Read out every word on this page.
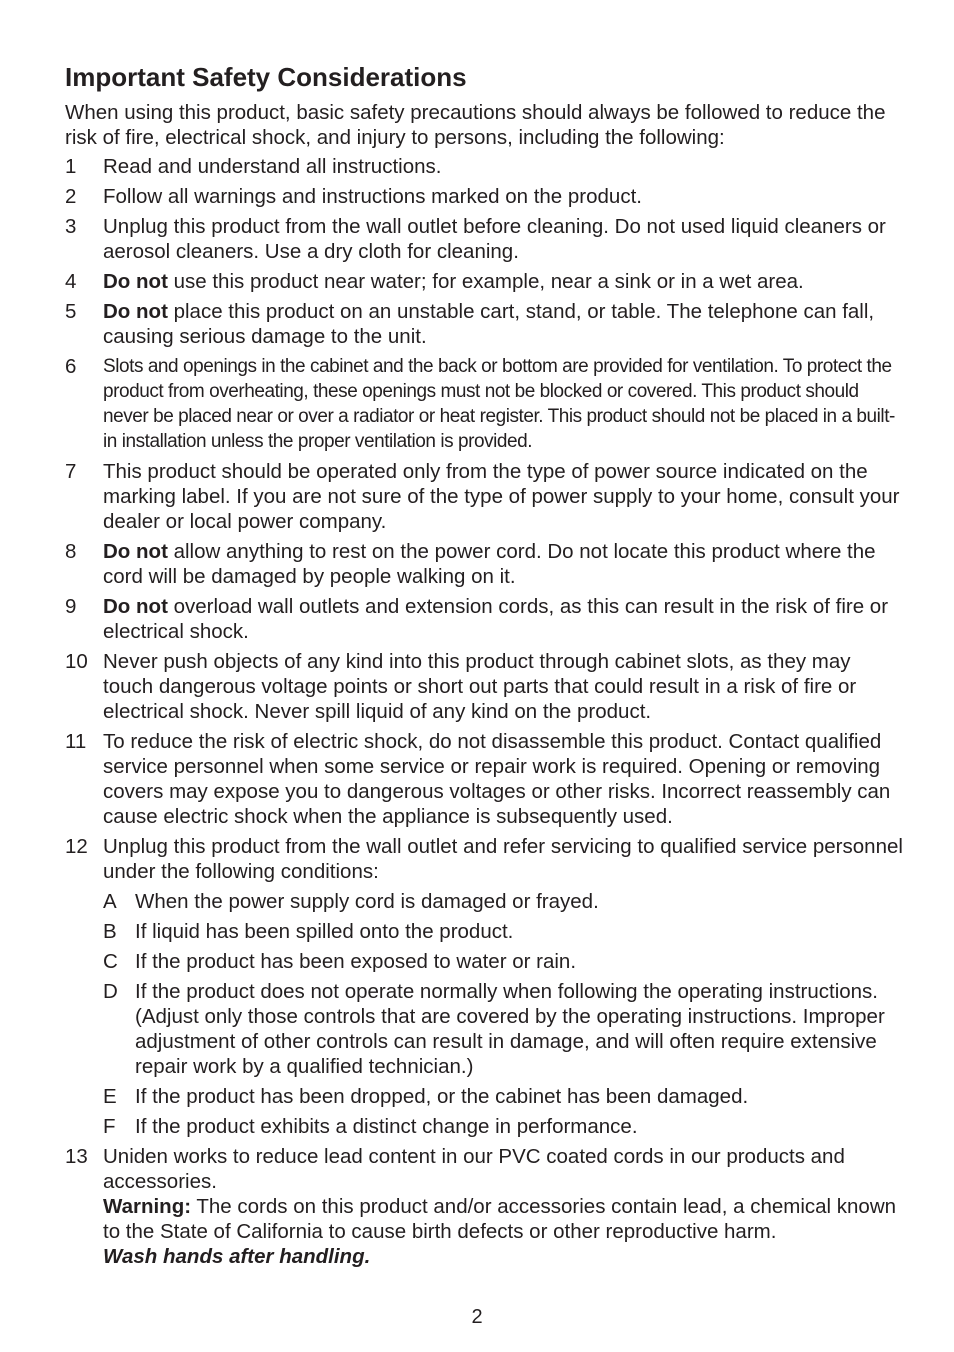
Important Safety Considerations

When using this product, basic safety precautions should always be followed to reduce the risk of fire, electrical shock, and injury to persons, including the following:

1	Read and understand all instructions.
2	Follow all warnings and instructions marked on the product.
3	Unplug this product from the wall outlet before cleaning. Do not used liquid cleaners or aerosol cleaners. Use a dry cloth for cleaning.
4	Do not use this product near water; for example, near a sink or in a wet area.
5	Do not place this product on an unstable cart, stand, or table. The telephone can fall, causing serious damage to the unit.
6	Slots and openings in the cabinet and the back or bottom are provided for ventilation. To protect the product from overheating, these openings must not be blocked or covered. This product should never be placed near or over a radiator or heat register. This product should not be placed in a built-in installation unless the proper ventilation is provided.
7	This product should be operated only from the type of power source indicated on the marking label. If you are not sure of the type of power supply to your home, consult your dealer or local power company.
8	Do not allow anything to rest on the power cord. Do not locate this product where the cord will be damaged by people walking on it.
9	Do not overload wall outlets and extension cords, as this can result in the risk of fire or electrical shock.
10 Never push objects of any kind into this product through cabinet slots, as they may touch dangerous voltage points or short out parts that could result in a risk of fire or electrical shock. Never spill liquid of any kind on the product.
11 To reduce the risk of electric shock, do not disassemble this product. Contact qualified service personnel when some service or repair work is required. Opening or removing covers may expose you to dangerous voltages or other risks. Incorrect reassembly can cause electric shock when the appliance is subsequently used.
12 Unplug this product from the wall outlet and refer servicing to qualified service personnel under the following conditions:
A When the power supply cord is damaged or frayed.
B If liquid has been spilled onto the product.
C If the product has been exposed to water or rain.
D If the product does not operate normally when following the operating instructions. (Adjust only those controls that are covered by the operating instructions. Improper adjustment of other controls can result in damage, and will often require extensive repair work by a qualified technician.)
E If the product has been dropped, or the cabinet has been damaged.
F If the product exhibits a distinct change in performance.
13 Uniden works to reduce lead content in our PVC coated cords in our products and accessories.
Warning: The cords on this product and/or accessories contain lead, a chemical known to the State of California to cause birth defects or other reproductive harm.
Wash hands after handling.
2
